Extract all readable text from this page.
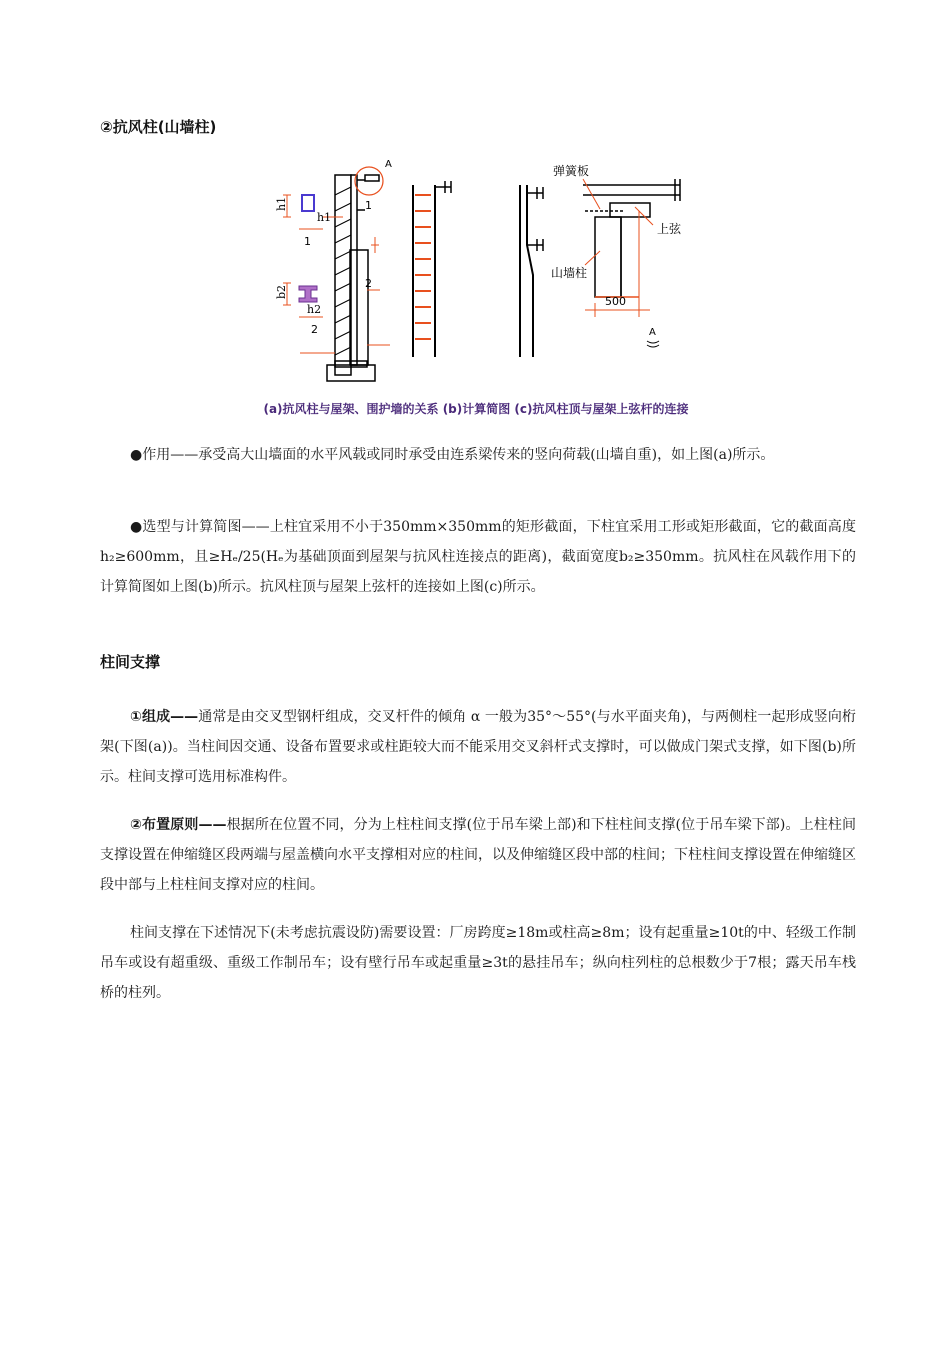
②抗风柱(山墙柱)
h1
h1
1
1
b2
h2
2
2
A	弹簧板
上弦
山墙柱
500
A
(a)抗风柱与屋架、围护墙的关系 (b)计算简图 (c)抗风柱顶与屋架上弦杆的连接

●作用——承受高大山墙面的水平风载或同时承受由连系梁传来的竖向荷载(山墙自重)，如上图(a)所示。

●选型与计算简图——上柱宜采用不小于350mm×350mm的矩形截面，下柱宜采用工形或矩形截面，它的截面高度h₂≥600mm，且≥Hₑ/25(Hₑ为基础顶面到屋架与抗风柱连接点的距离)，截面宽度b₂≥350mm。抗风柱在风载作用下的计算简图如上图(b)所示。抗风柱顶与屋架上弦杆的连接如上图(c)所示。

柱间支撑

①组成——通常是由交叉型钢杆组成，交叉杆件的倾角 α 一般为35°～55°(与水平面夹角)，与两侧柱一起形成竖向桁架(下图(a))。当柱间因交通、设备布置要求或柱距较大而不能采用交叉斜杆式支撑时，可以做成门架式支撑，如下图(b)所示。柱间支撑可选用标准构件。

②布置原则——根据所在位置不同，分为上柱柱间支撑(位于吊车梁上部)和下柱柱间支撑(位于吊车梁下部)。上柱柱间支撑设置在伸缩缝区段两端与屋盖横向水平支撑相对应的柱间，以及伸缩缝区段中部的柱间；下柱柱间支撑设置在伸缩缝区段中部与上柱柱间支撑对应的柱间。

柱间支撑在下述情况下(未考虑抗震设防)需要设置：厂房跨度≥18m或柱高≥8m；设有起重量≥10t的中、轻级工作制吊车或设有超重级、重级工作制吊车；设有壁行吊车或起重量≥3t的悬挂吊车；纵向柱列柱的总根数少于7根；露天吊车栈桥的柱列。
